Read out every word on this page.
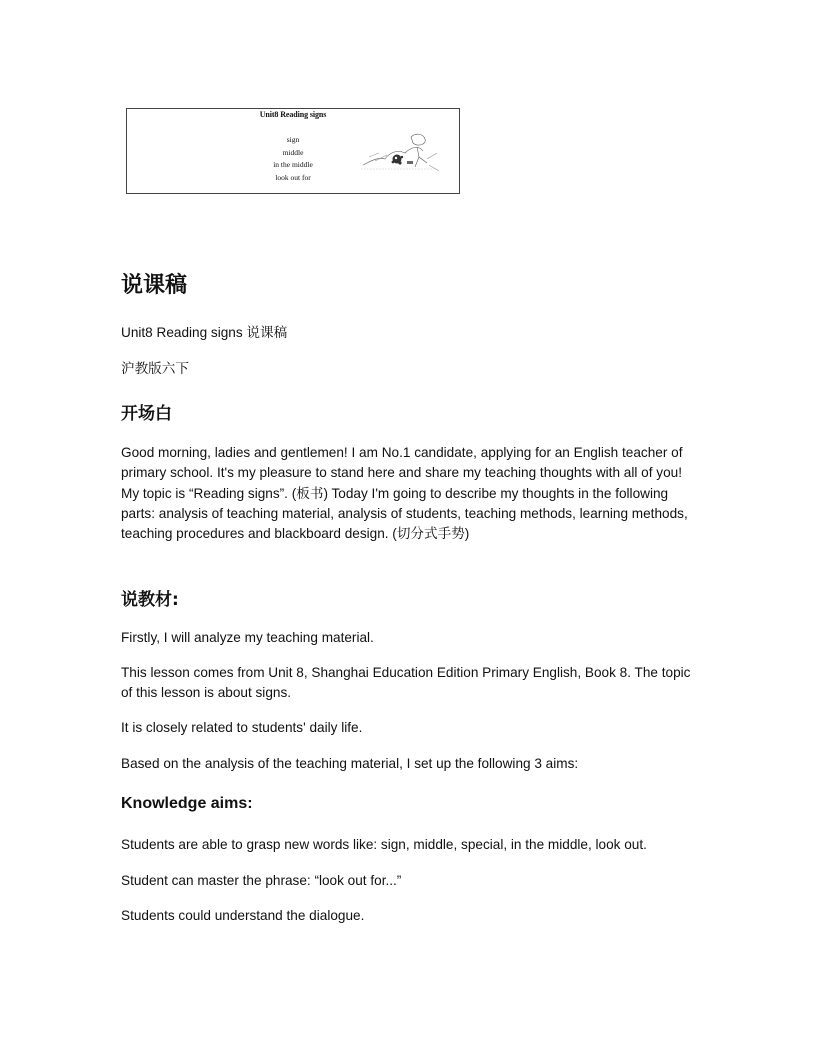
Unit8 Reading signs
sign
middle
in the middle
look out for
说课稿

Unit8 Reading signs 说课稿

沪教版六下

开场白

Good morning, ladies and gentlemen! I am No.1 candidate, applying for an English teacher of primary school. It's my pleasure to stand here and share my teaching thoughts with all of you! My topic is “Reading signs”. (板书) Today I'm going to describe my thoughts in the following parts: analysis of teaching material, analysis of students, teaching methods, learning methods, teaching procedures and blackboard design. (切分式手势)

说教材:

Firstly, I will analyze my teaching material.

This lesson comes from Unit 8, Shanghai Education Edition Primary English, Book 8. The topic of this lesson is about signs.

It is closely related to students' daily life.

Based on the analysis of the teaching material, I set up the following 3 aims:

Knowledge aims:

Students are able to grasp new words like: sign, middle, special, in the middle, look out.

Student can master the phrase: “look out for...”

Students could understand the dialogue.
